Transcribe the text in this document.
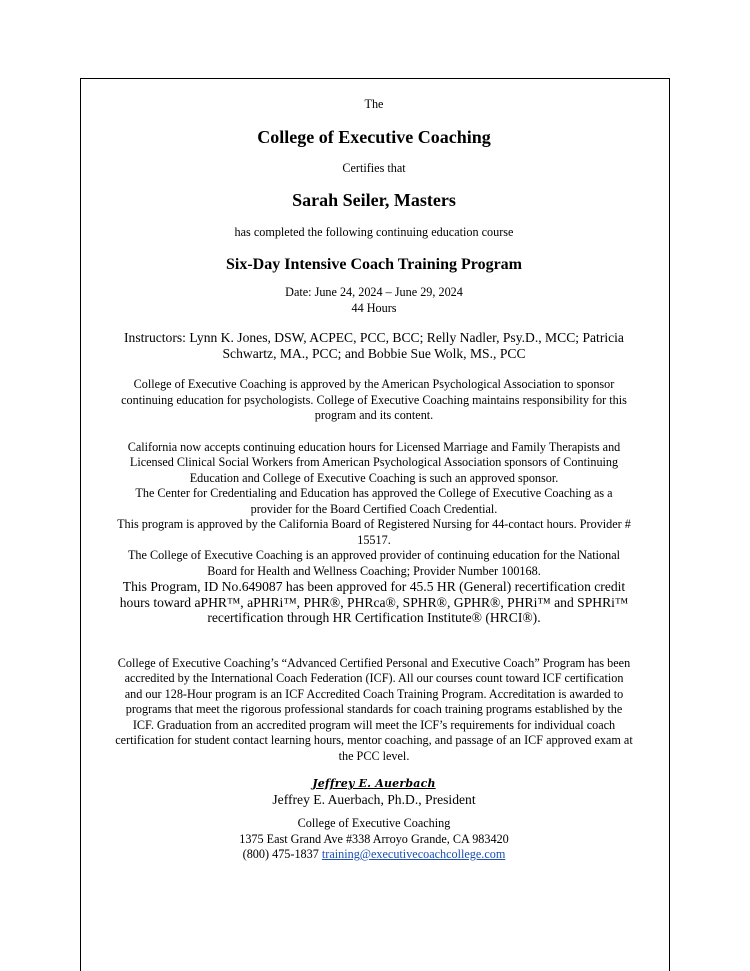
The

College of Executive Coaching

Certifies that

Sarah Seiler, Masters

has completed the following continuing education course

Six-Day Intensive Coach Training Program

Date: June 24, 2024 – June 29, 2024

44 Hours

Instructors: Lynn K. Jones, DSW, ACPEC, PCC, BCC; Relly Nadler, Psy.D., MCC; Patricia

Schwartz, MA., PCC; and Bobbie Sue Wolk, MS., PCC

College of Executive Coaching is approved by the American Psychological Association to sponsor

continuing education for psychologists. College of Executive Coaching maintains responsibility for this

program and its content.

California now accepts continuing education hours for Licensed Marriage and Family Therapists and

Licensed Clinical Social Workers from American Psychological Association sponsors of Continuing

Education and College of Executive Coaching is such an approved sponsor.

The Center for Credentialing and Education has approved the College of Executive Coaching as a

provider for the Board Certified Coach Credential.

This program is approved by the California Board of Registered Nursing for 44-contact hours. Provider #

15517.

The College of Executive Coaching is an approved provider of continuing education for the National

Board for Health and Wellness Coaching; Provider Number 100168.

This Program, ID No.649087 has been approved for 45.5 HR (General) recertification credit

hours toward aPHR™, aPHRi™, PHR®, PHRca®, SPHR®, GPHR®, PHRi™ and SPHRi™

recertification through HR Certification Institute® (HRCI®).

College of Executive Coaching’s “Advanced Certified Personal and Executive Coach” Program has been

accredited by the International Coach Federation (ICF). All our courses count toward ICF certification

and our 128-Hour program is an ICF Accredited Coach Training Program. Accreditation is awarded to

programs that meet the rigorous professional standards for coach training programs established by the

ICF. Graduation from an accredited program will meet the ICF’s requirements for individual coach

certification for student contact learning hours, mentor coaching, and passage of an ICF approved exam at

the PCC level.

Jeffrey E. Auerbach

Jeffrey E. Auerbach, Ph.D., President

College of Executive Coaching

1375 East Grand Ave #338 Arroyo Grande, CA 983420

(800) 475-1837 training@executivecoachcollege.com
